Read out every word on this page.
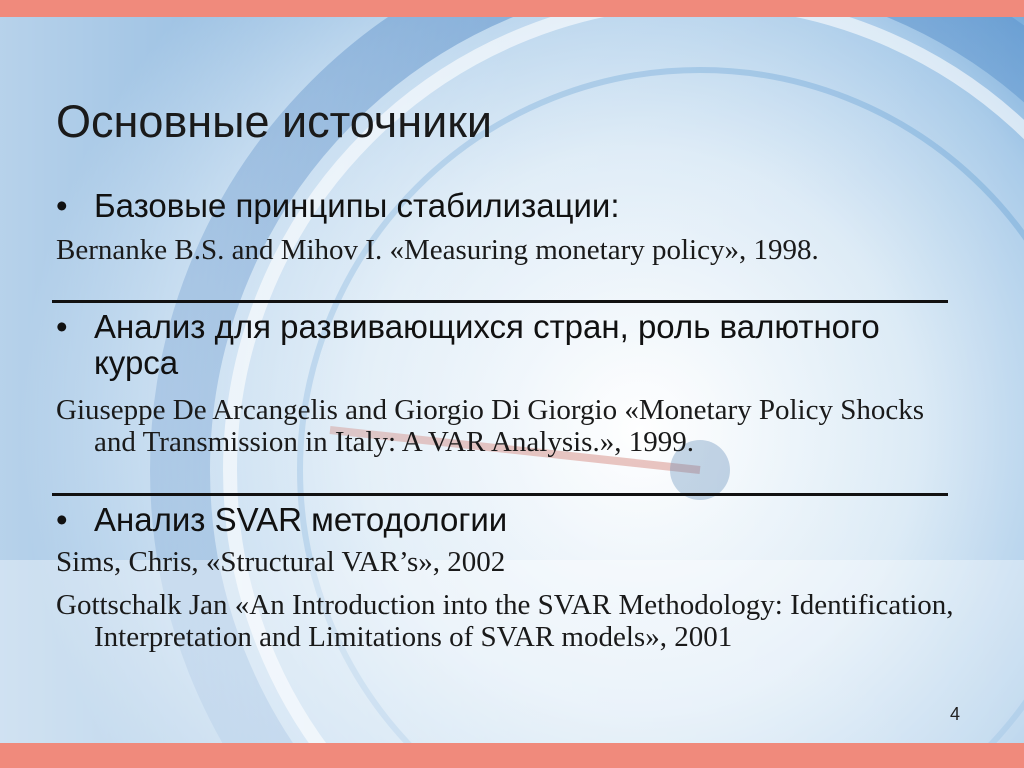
Основные источники
• Базовые принципы стабилизации:
Bernanke B.S. and Mihov I. «Measuring monetary policy», 1998.
• Анализ для развивающихся стран, роль валютного курса
Giuseppe De Arcangelis and Giorgio Di Giorgio «Monetary Policy Shocks and Transmission in Italy: A VAR Analysis.», 1999.
• Анализ SVAR методологии
Sims, Chris, «Structural VAR’s», 2002
Gottschalk Jan «An Introduction into the SVAR Methodology: Identification, Interpretation and Limitations of SVAR models», 2001
4
